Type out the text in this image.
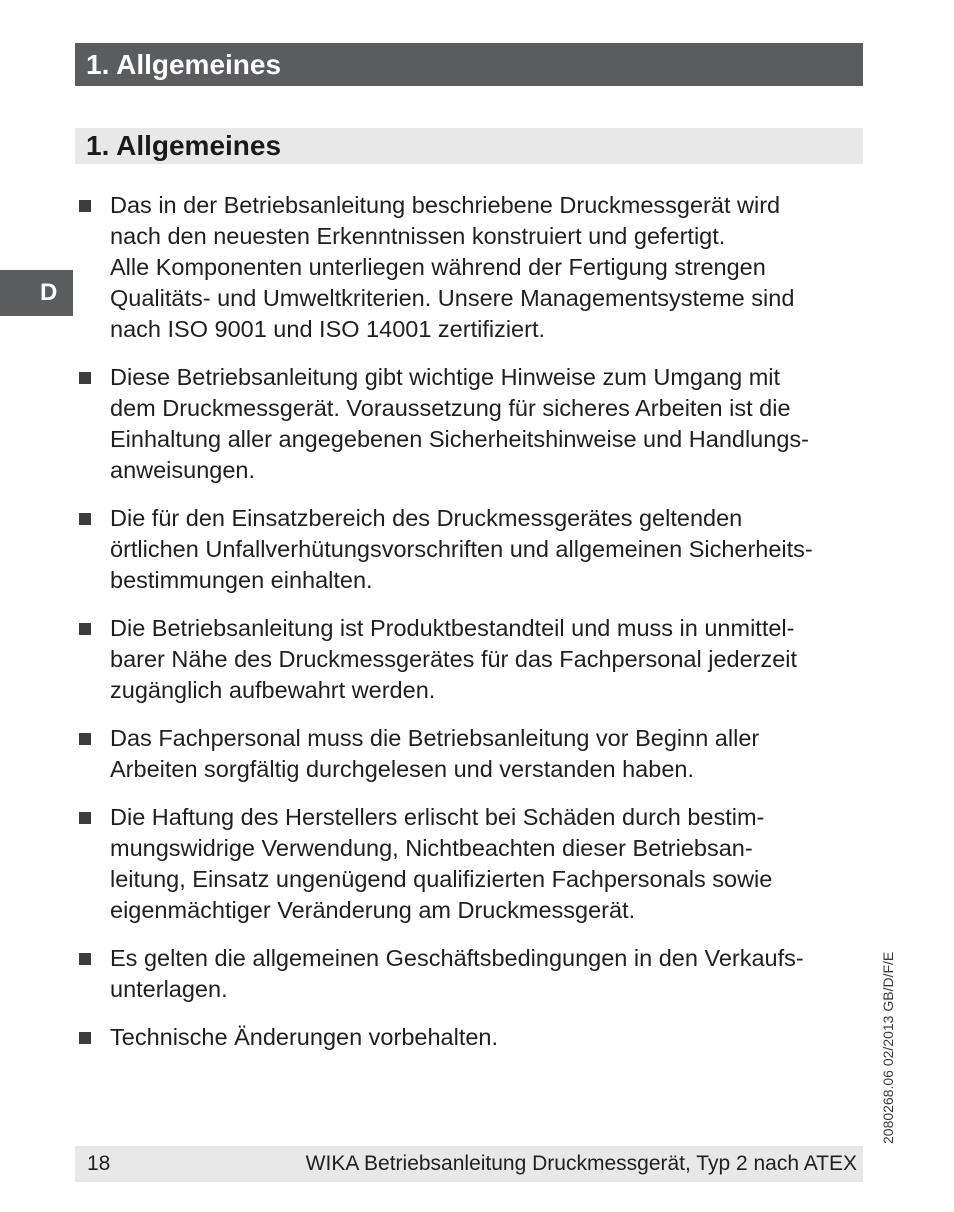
1. Allgemeines
1. Allgemeines
D
Das in der Betriebsanleitung beschriebene Druckmessgerät wird
nach den neuesten Erkenntnissen konstruiert und gefertigt.
Alle Komponenten unterliegen während der Fertigung strengen
Qualitäts- und Umweltkriterien. Unsere Managementsysteme sind
nach ISO 9001 und ISO 14001 zertifiziert.
Diese Betriebsanleitung gibt wichtige Hinweise zum Umgang mit
dem Druckmessgerät. Voraussetzung für sicheres Arbeiten ist die
Einhaltung aller angegebenen Sicherheitshinweise und Handlungs-
anweisungen.
Die für den Einsatzbereich des Druckmessgerätes geltenden
örtlichen Unfallverhütungsvorschriften und allgemeinen Sicherheits-
bestimmungen einhalten.
Die Betriebsanleitung ist Produktbestandteil und muss in unmittel-
barer Nähe des Druckmessgerätes für das Fachpersonal jederzeit
zugänglich aufbewahrt werden.
Das Fachpersonal muss die Betriebsanleitung vor Beginn aller
Arbeiten sorgfältig durchgelesen und verstanden haben.
Die Haftung des Herstellers erlischt bei Schäden durch bestim-
mungswidrige Verwendung, Nichtbeachten dieser Betriebsan-
leitung, Einsatz ungenügend qualifizierten Fachpersonals sowie
eigenmächtiger Veränderung am Druckmessgerät.
Es gelten die allgemeinen Geschäftsbedingungen in den Verkaufs-
unterlagen.
Technische Änderungen vorbehalten.	2080268.06 02/2013 GB/D/F/E
18	WIKA Betriebsanleitung Druckmessgerät, Typ 2 nach ATEX
